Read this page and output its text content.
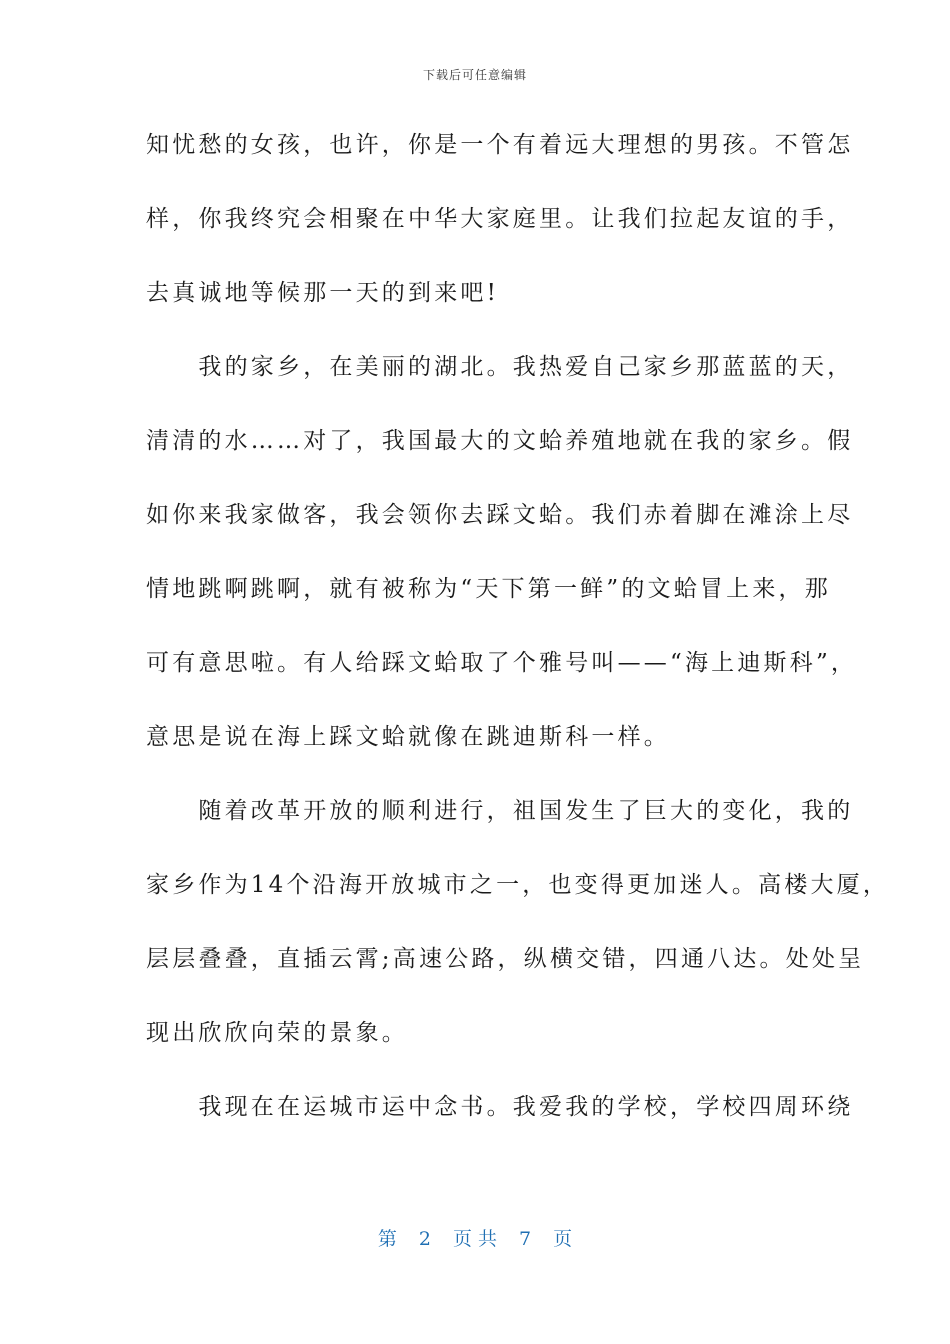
下载后可任意编辑
知忧愁的女孩，也许，你是一个有着远大理想的男孩。不管怎
样，你我终究会相聚在中华大家庭里。让我们拉起友谊的手，
去真诚地等候那一天的到来吧!
　　我的家乡，在美丽的湖北。我热爱自己家乡那蓝蓝的天，
清清的水……对了，我国最大的文蛤养殖地就在我的家乡。假
如你来我家做客，我会领你去踩文蛤。我们赤着脚在滩涂上尽
情地跳啊跳啊，就有被称为“天下第一鲜”的文蛤冒上来，那
可有意思啦。有人给踩文蛤取了个雅号叫——“海上迪斯科”，
意思是说在海上踩文蛤就像在跳迪斯科一样。
　　随着改革开放的顺利进行，祖国发生了巨大的变化，我的
家乡作为14个沿海开放城市之一，也变得更加迷人。高楼大厦，
层层叠叠，直插云霄;高速公路，纵横交错，四通八达。处处呈
现出欣欣向荣的景象。
　　我现在在运城市运中念书。我爱我的学校，学校四周环绕
第 2 页 共 7 页
